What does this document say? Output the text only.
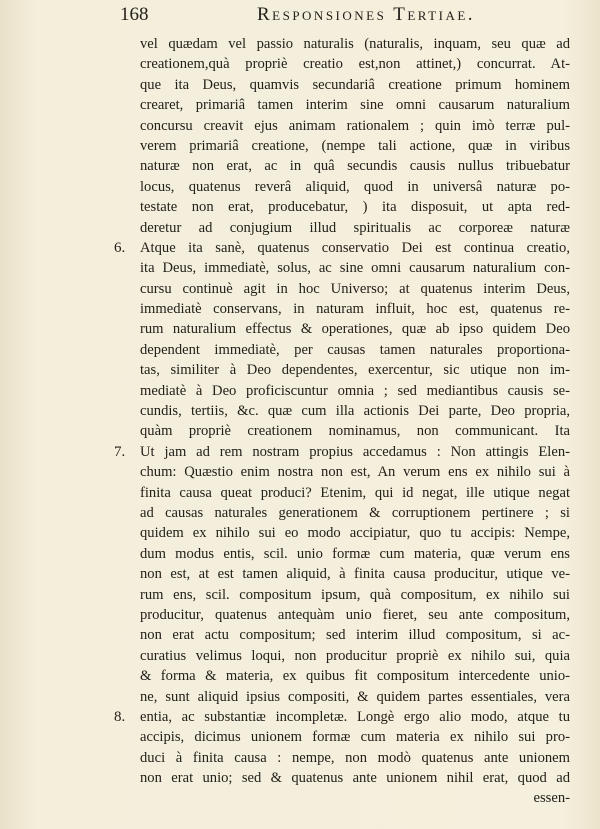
168	Responsiones Tertiae.
vel quædam vel passio naturalis (naturalis, inquam, seu quæ ad
creationem,quà propriè creatio est,non attinet,) concurrat. At-
que ita Deus, quamvis secundariâ creatione primum hominem
crearet, primariâ tamen interim sine omni causarum naturalium
concursu creavit ejus animam rationalem ; quin imò terræ pul-
verem primariâ creatione, (nempe tali actione, quæ in viribus
naturæ non erat, ac in quâ secundis causis nullus tribuebatur
locus, quatenus reverâ aliquid, quod in universâ naturæ po-
testate non erat, producebatur, ) ita disposuit, ut apta red-
deretur ad conjugium illud spiritualis ac corporeæ naturæ
6.	Atque ita sanè, quatenus conservatio Dei est continua creatio,
ita Deus, immediatè, solus, ac sine omni causarum naturalium con-
cursu continuè agit in hoc Universo; at quatenus interim Deus,
immediatè conservans, in naturam influit, hoc est, quatenus re-
rum naturalium effectus & operationes, quæ ab ipso quidem Deo
dependent immediatè, per causas tamen naturales proportiona-
tas, similiter à Deo dependentes, exercentur, sic utique non im-
mediatè à Deo proficiscuntur omnia ; sed mediantibus causis se-
cundis, tertiis, &c. quæ cum illa actionis Dei parte, Deo propria,
quàm propriè creationem nominamus, non communicant. Ita
7.	Ut jam ad rem nostram propius accedamus : Non attingis Elen-
chum: Quæstio enim nostra non est, An verum ens ex nihilo sui à
finita causa queat produci? Etenim, qui id negat, ille utique negat
ad causas naturales generationem & corruptionem pertinere ; si
quidem ex nihilo sui eo modo accipiatur, quo tu accipis: Nempe,
dum modus entis, scil. unio formæ cum materia, quæ verum ens
non est, at est tamen aliquid, à finita causa producitur, utique ve-
rum ens, scil. compositum ipsum, quà compositum, ex nihilo sui
producitur, quatenus antequàm unio fieret, seu ante compositum,
non erat actu compositum; sed interim illud compositum, si ac-
curatius velimus loqui, non producitur propriè ex nihilo sui, quia
& forma & materia, ex quibus fit compositum intercedente unio-
ne, sunt aliquid ipsius compositi, & quidem partes essentiales, vera
8.	entia, ac substantiæ incompletæ. Longè ergo alio modo, atque tu
accipis, dicimus unionem formæ cum materia ex nihilo sui pro-
duci à finita causa : nempe, non modò quatenus ante unionem
non erat unio; sed & quatenus ante unionem nihil erat, quod ad
essen-
